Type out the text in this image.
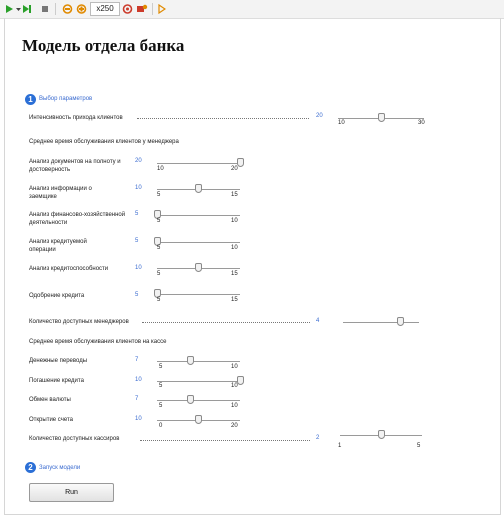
x250
Модель отдела банка
1	Выбор параметров
Интенсивность прихода клиентов	20
10	30
Среднее время обслуживания клиентов у менеджера
Анализ документов на полноту и достоверность
20
10	20
Анализ информации о заемщике
10
5	15
Анализ финансово-хозяйственной деятельности
5
5	10
Анализ кредитуемой операции
5
5	10
Анализ кредитоспособности	10
5	15
Одобрение кредита	5
5	15
Количество доступных менеджеров	4
Среднее время обслуживания клиентов на кассе
Денежные переводы	7
5	10
Погашение кредита	10
5	10
Обмен валюты	7
5	10
Открытие счета	10
0	20
Количество доступных кассиров	2
1	5
2	Запуск модели
Run
